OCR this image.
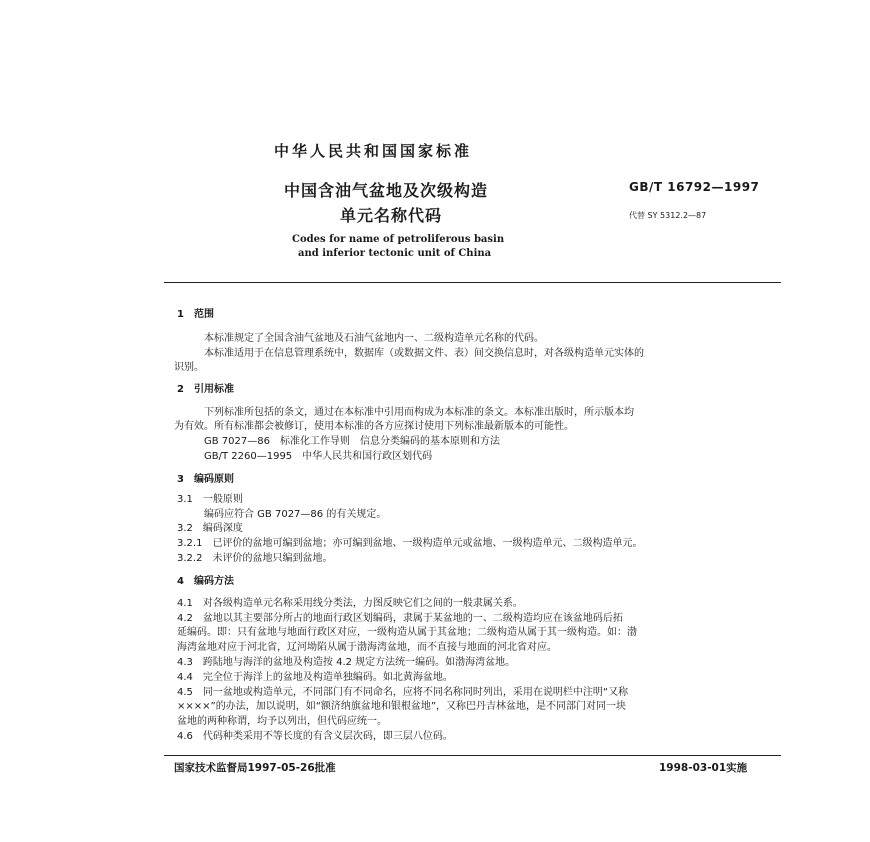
中华人民共和国国家标准
中国含油气盆地及次级构造
单元名称代码
Codes for name of petroliferous basin
and inferior tectonic unit of China
GB/T 16792—1997
代替 SY 5312.2—87
1　范围
本标准规定了全国含油气盆地及石油气盆地内一、二级构造单元名称的代码。
本标准适用于在信息管理系统中，数据库（或数据文件、表）间交换信息时，对各级构造单元实体的
识别。
2　引用标准
下列标准所包括的条文，通过在本标准中引用而构成为本标准的条文。本标准出版时，所示版本均
为有效。所有标准都会被修订，使用本标准的各方应探讨使用下列标准最新版本的可能性。
GB 7027—86　标准化工作导则　信息分类编码的基本原则和方法
GB/T 2260—1995　中华人民共和国行政区划代码
3　编码原则
3.1　一般原则
编码应符合 GB 7027—86 的有关规定。
3.2　编码深度
3.2.1　已评价的盆地可编到盆地；亦可编到盆地、一级构造单元或盆地、一级构造单元、二级构造单元。
3.2.2　未评价的盆地只编到盆地。
4　编码方法
4.1　对各级构造单元名称采用线分类法，力图反映它们之间的一般隶属关系。
4.2　盆地以其主要部分所占的地面行政区划编码，隶属于某盆地的一、二级构造均应在该盆地码后拓
延编码。即：只有盆地与地面行政区对应，一级构造从属于其盆地；二级构造从属于其一级构造。如：渤
海湾盆地对应于河北省，辽河坳陷从属于渤海湾盆地，而不直接与地面的河北省对应。
4.3　跨陆地与海洋的盆地及构造按 4.2 规定方法统一编码。如渤海湾盆地。
4.4　完全位于海洋上的盆地及构造单独编码。如北黄海盆地。
4.5　同一盆地或构造单元，不同部门有不同命名，应将不同名称同时列出，采用在说明栏中注明“又称
××××”的办法，加以说明，如“额济纳旗盆地和银根盆地”，又称巴丹吉林盆地，是不同部门对同一块
盆地的两种称谓，均予以列出，但代码应统一。
4.6　代码种类采用不等长度的有含义层次码，即三层八位码。
国家技术监督局1997-05-26批准	1998-03-01实施
